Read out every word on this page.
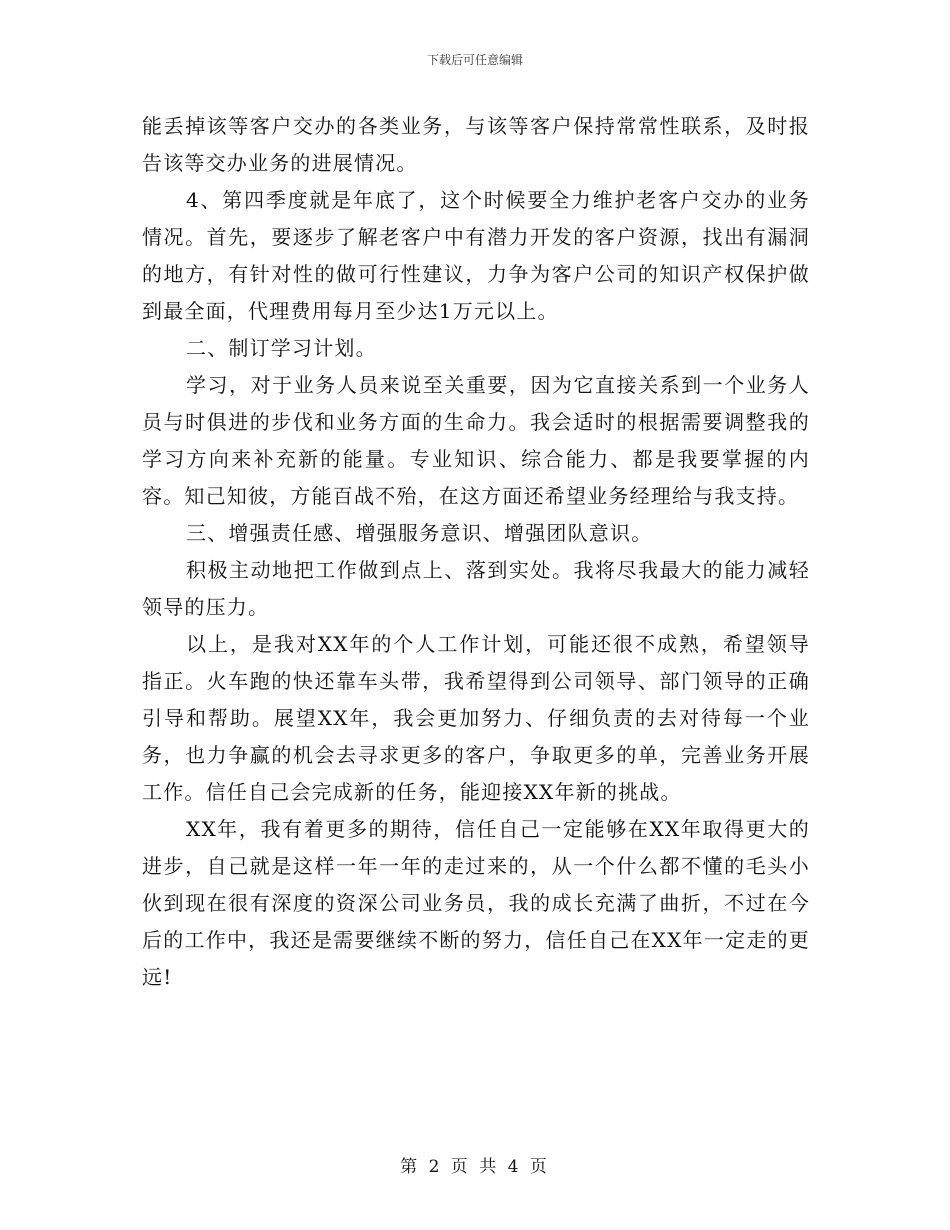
下载后可任意编辑

能丢掉该等客户交办的各类业务，与该等客户保持常常性联系，及时报告该等交办业务的进展情况。

4、第四季度就是年底了，这个时候要全力维护老客户交办的业务情况。首先，要逐步了解老客户中有潜力开发的客户资源，找出有漏洞的地方，有针对性的做可行性建议，力争为客户公司的知识产权保护做到最全面，代理费用每月至少达1万元以上。

二、制订学习计划。

学习，对于业务人员来说至关重要，因为它直接关系到一个业务人员与时俱进的步伐和业务方面的生命力。我会适时的根据需要调整我的学习方向来补充新的能量。专业知识、综合能力、都是我要掌握的内容。知己知彼，方能百战不殆，在这方面还希望业务经理给与我支持。

三、增强责任感、增强服务意识、增强团队意识。

积极主动地把工作做到点上、落到实处。我将尽我最大的能力减轻领导的压力。

以上，是我对XX年的个人工作计划，可能还很不成熟，希望领导指正。火车跑的快还靠车头带，我希望得到公司领导、部门领导的正确引导和帮助。展望XX年，我会更加努力、仔细负责的去对待每一个业务，也力争赢的机会去寻求更多的客户，争取更多的单，完善业务开展工作。信任自己会完成新的任务，能迎接XX年新的挑战。

XX年，我有着更多的期待，信任自己一定能够在XX年取得更大的进步，自己就是这样一年一年的走过来的，从一个什么都不懂的毛头小伙到现在很有深度的资深公司业务员，我的成长充满了曲折，不过在今后的工作中，我还是需要继续不断的努力，信任自己在XX年一定走的更远!

第 2 页 共 4 页
